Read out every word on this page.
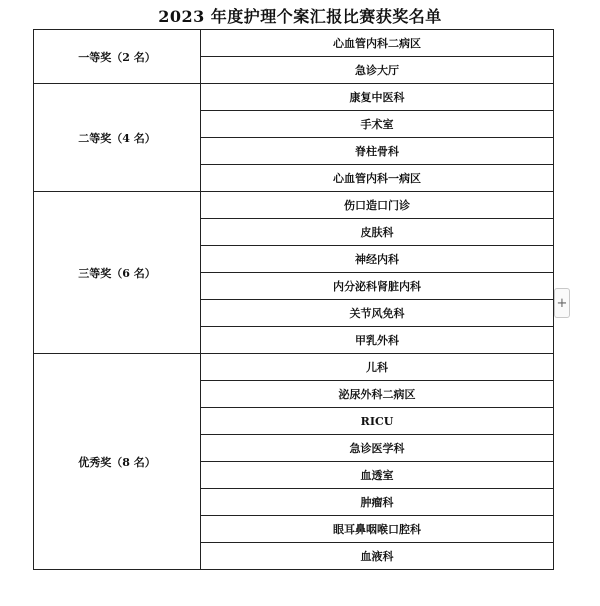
2023 年度护理个案汇报比赛获奖名单
一等奖（2 名）	心血管内科二病区
	急诊大厅
二等奖（4 名）	康复中医科
	手术室
	脊柱骨科
	心血管内科一病区
三等奖（6 名）	伤口造口门诊
	皮肤科
	神经内科
	内分泌科肾脏内科
	关节风免科
	甲乳外科
优秀奖（8 名）	儿科
	泌尿外科二病区
	RICU
	急诊医学科
	血透室
	肿瘤科
	眼耳鼻咽喉口腔科
	血液科
+
